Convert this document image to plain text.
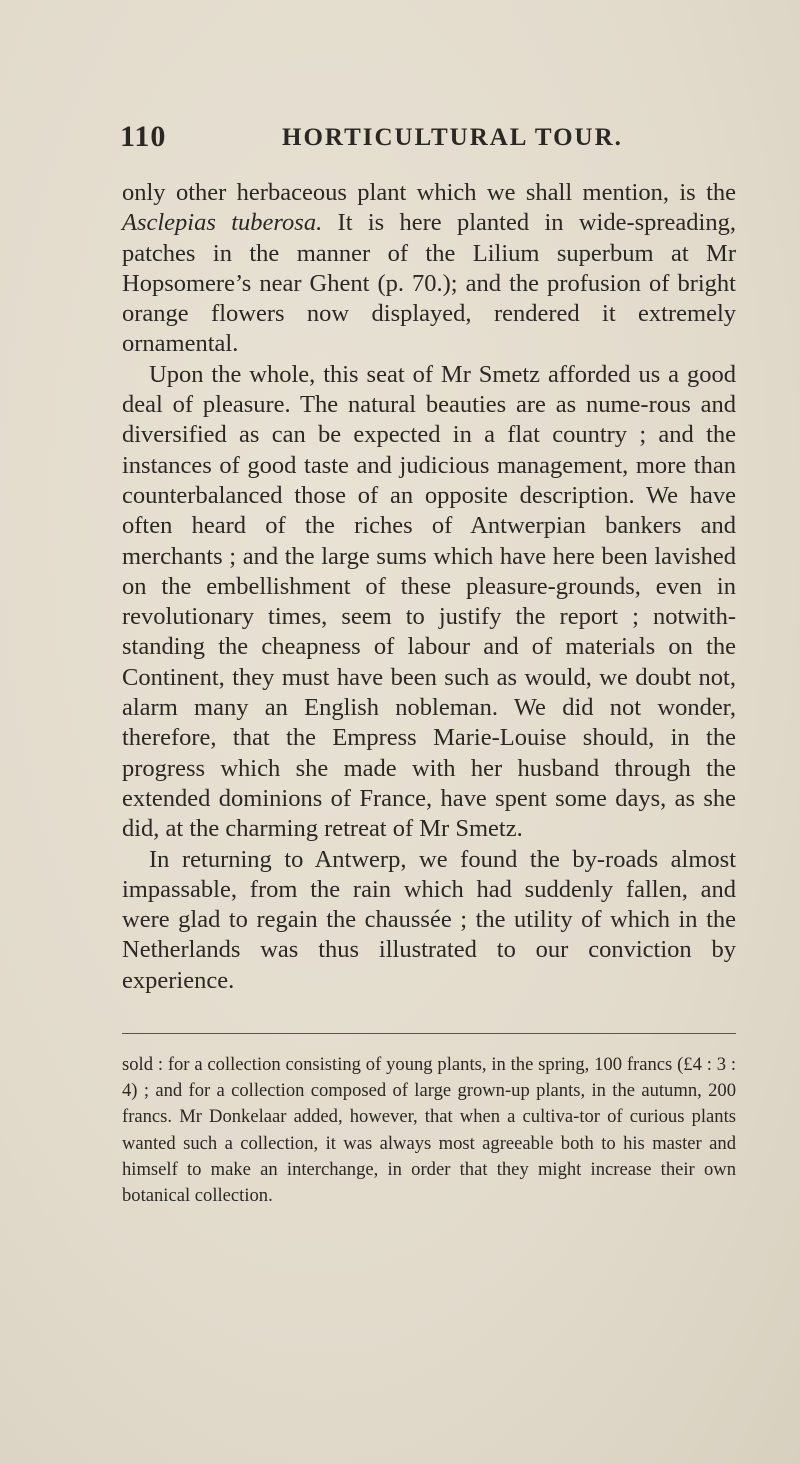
110	HORTICULTURAL TOUR.

only other herbaceous plant which we shall mention, is the Asclepias tuberosa. It is here planted in wide-spreading, patches in the manner of the Lilium superbum at Mr Hopsomere’s near Ghent (p. 70.); and the profusion of bright orange flowers now displayed, rendered it extremely ornamental.

Upon the whole, this seat of Mr Smetz afforded us a good deal of pleasure. The natural beauties are as nume-rous and diversified as can be expected in a flat country ; and the instances of good taste and judicious management, more than counterbalanced those of an opposite description. We have often heard of the riches of Antwerpian bankers and merchants ; and the large sums which have here been lavished on the embellishment of these pleasure-grounds, even in revolutionary times, seem to justify the report ; notwith-standing the cheapness of labour and of materials on the Continent, they must have been such as would, we doubt not, alarm many an English nobleman. We did not wonder, therefore, that the Empress Marie-Louise should, in the progress which she made with her husband through the extended dominions of France, have spent some days, as she did, at the charming retreat of Mr Smetz.

In returning to Antwerp, we found the by-roads almost impassable, from the rain which had suddenly fallen, and were glad to regain the chaussée ; the utility of which in the Netherlands was thus illustrated to our conviction by experience.

sold : for a collection consisting of young plants, in the spring, 100 francs (£4 : 3 : 4) ; and for a collection composed of large grown-up plants, in the autumn, 200 francs. Mr Donkelaar added, however, that when a cultiva-tor of curious plants wanted such a collection, it was always most agreeable both to his master and himself to make an interchange, in order that they might increase their own botanical collection.
